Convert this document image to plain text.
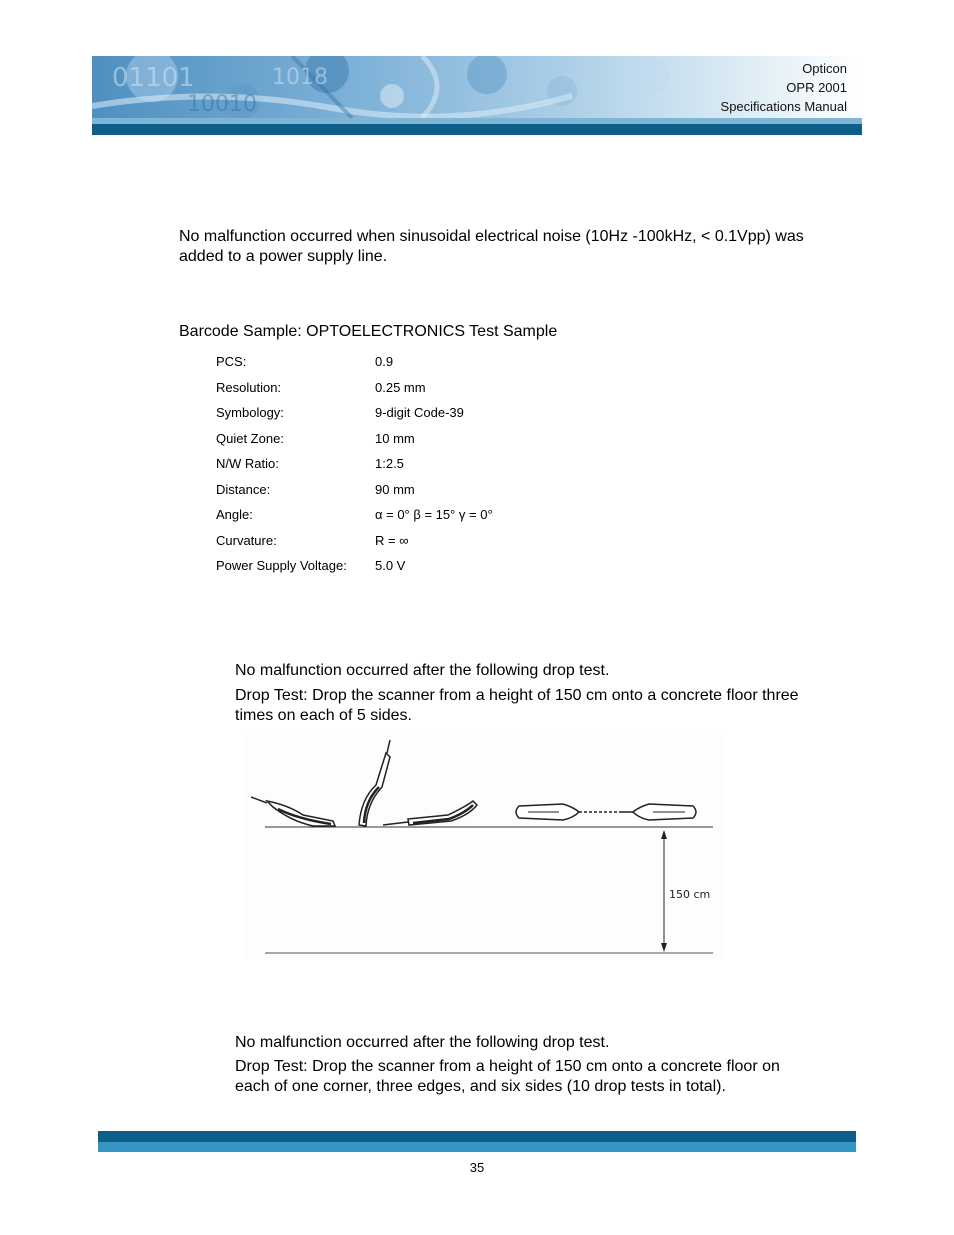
01101
10010
1018	Opticon
OPR 2001
Specifications Manual
No malfunction occurred when sinusoidal electrical noise (10Hz -100kHz, < 0.1Vpp) was
added to a power supply line.
Barcode Sample: OPTOELECTRONICS Test Sample
PCS:	0.9
Resolution:	0.25 mm
Symbology:	9-digit Code-39
Quiet Zone:	10 mm
N/W Ratio:	1:2.5
Distance:	90 mm
Angle:	α = 0° β = 15° γ = 0°
Curvature:	R = ∞
Power Supply Voltage: 5.0 V
No malfunction occurred after the following drop test.
Drop Test: Drop the scanner from a height of 150 cm onto a concrete floor three
times on each of 5 sides.
150 cm
No malfunction occurred after the following drop test.
Drop Test: Drop the scanner from a height of 150 cm onto a concrete floor on
each of one corner, three edges, and six sides (10 drop tests in total).
35
